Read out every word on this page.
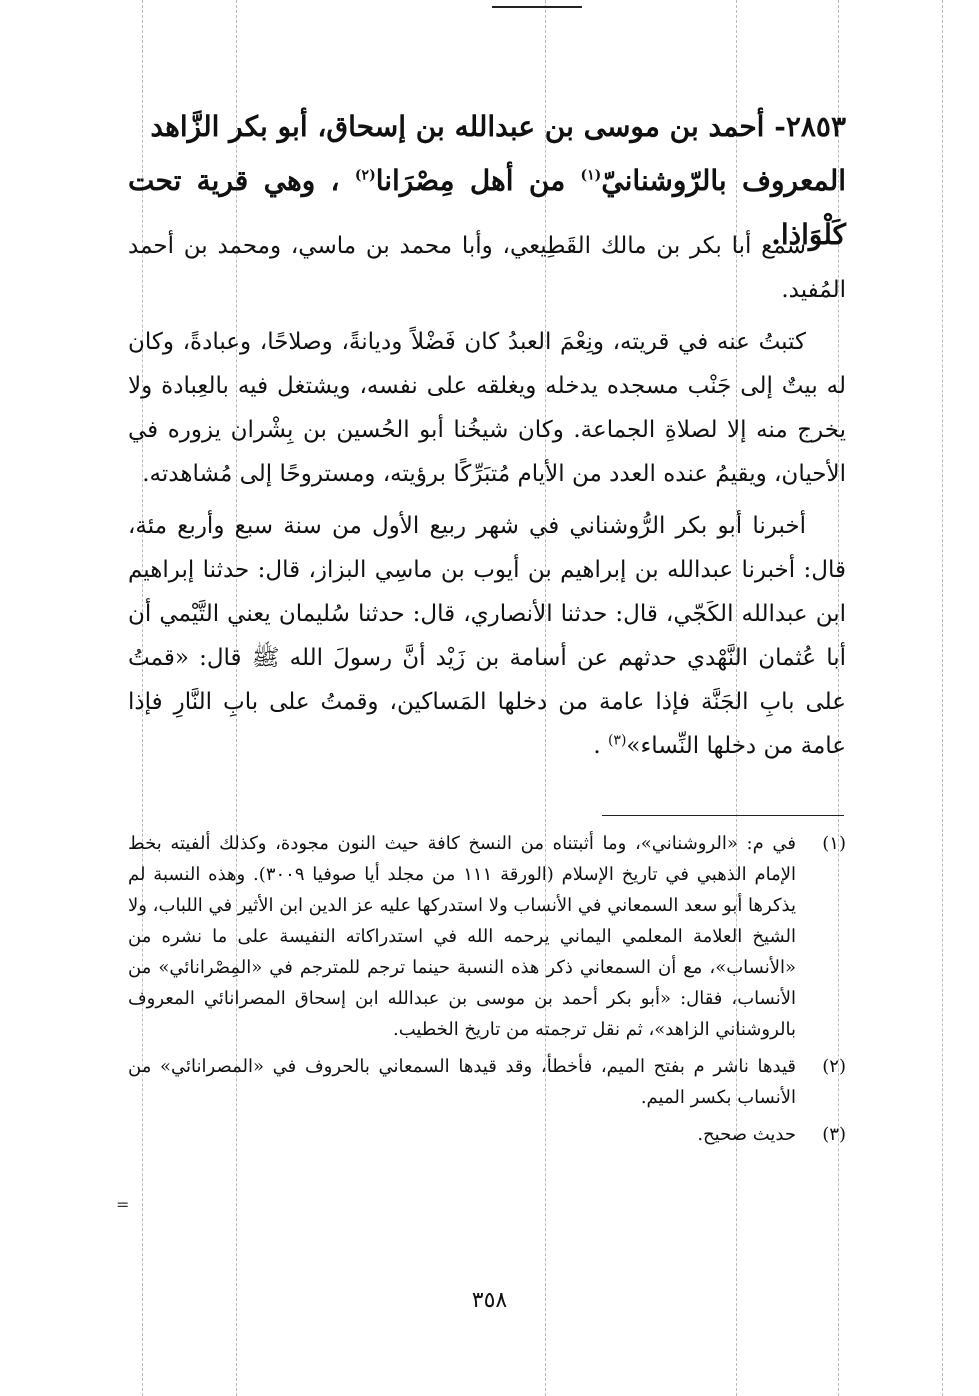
٢٨٥٣- أحمد بن موسى بن عبدالله بن إسحاق، أبو بكر الزَّاهد
المعروف بالرّوشنانيّ$^{(١)}$ من أهل مِصْرَانا$^{(٢)}$ ، وهي قرية تحت كَلْوَاذا.

سمع أبا بكر بن مالك القَطِيعي، وأبا محمد بن ماسي، ومحمد بن أحمد المُفيد.

كتبتُ عنه في قريته، ونِعْمَ العبدُ كان فَضْلاً وديانةً، وصلاحًا، وعبادةً، وكان له بيتٌ إلى جَنْب مسجده يدخله ويغلقه على نفسه، ويشتغل فيه بالعِبادة ولا يخرج منه إلا لصلاةِ الجماعة. وكان شيخُنا أبو الحُسين بن بِشْران يزوره في الأحيان، ويقيمُ عنده العدد من الأيام مُتبَرِّكًا برؤيته، ومستروحًا إلى مُشاهدته.

أخبرنا أبو بكر الرُّوشناني في شهر ربيع الأول من سنة سبع وأربع مئة، قال: أخبرنا عبدالله بن إبراهيم بن أيوب بن ماسِي البزاز، قال: حدثنا إبراهيم ابن عبدالله الكَجّي، قال: حدثنا الأنصاري، قال: حدثنا سُليمان يعني التَّيْمي أن أبا عُثمان النَّهْدي حدثهم عن أسامة بن زَيْد أنَّ رسولَ الله ﷺ قال: «قمتُ على بابِ الجَنَّة فإذا عامة من دخلها المَساكين، وقمتُ على بابِ النَّارِ فإذا عامة من دخلها النِّساء»$^{(٣)}$ .

(١)
في م: «الروشناني»، وما أثبتناه من النسخ كافة حيث النون مجودة، وكذلك ألفيته بخط الإمام الذهبي في تاريخ الإسلام (الورقة ١١١ من مجلد أيا صوفيا ٣٠٠٩). وهذه النسبة لم يذكرها أبو سعد السمعاني في الأنساب ولا استدركها عليه عز الدين ابن الأثير في اللباب، ولا الشيخ العلامة المعلمي اليماني يرحمه الله في استدراكاته النفيسة على ما نشره من «الأنساب»، مع أن السمعاني ذكر هذه النسبة حينما ترجم للمترجم في «المِصْرانائي» من الأنساب، فقال: «أبو بكر أحمد بن موسى بن عبدالله ابن إسحاق المصرانائي المعروف بالروشناني الزاهد»، ثم نقل ترجمته من تاريخ الخطيب.
(٢)
قيدها ناشر م بفتح الميم، فأخطأ، وقد قيدها السمعاني بالحروف في «المصرانائي» من الأنساب بكسر الميم.
(٣)
حديث صحيح.
=
٣٥٨
